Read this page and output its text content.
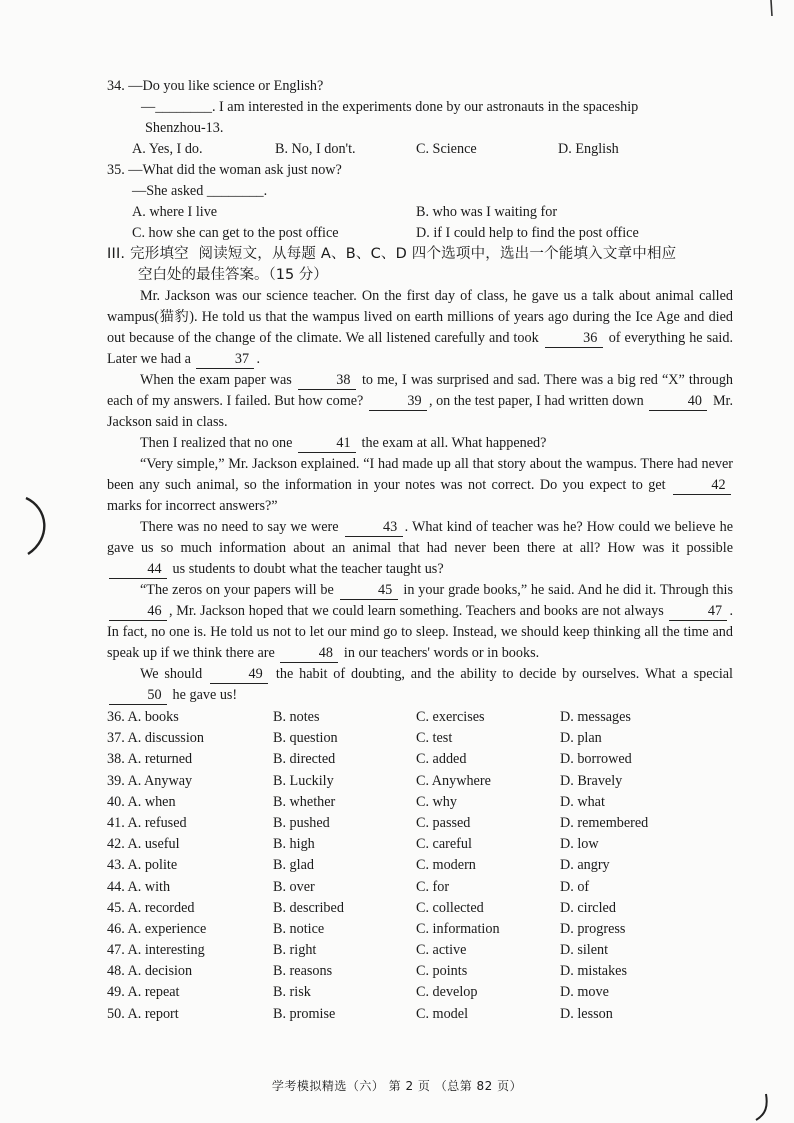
34. —Do you like science or English?
—________. I am interested in the experiments done by our astronauts in the spaceship
Shenzhou-13.
A. Yes, I do.	B. No, I don't.	C. Science	D. English
35. —What did the woman ask just now?
—She asked ________.
A. where I live	B. who was I waiting for
C. how she can get to the post office	D. if I could help to find the post office
III. 完形填空 阅读短文，从每题 A、B、C、D 四个选项中，选出一个能填入文章中相应
空白处的最佳答案。（15 分）
Mr. Jackson was our science teacher. On the first day of class, he gave us a talk about animal called wampus(猫豹). He told us that the wampus lived on earth millions of years ago during the Ice Age and died out because of the change of the climate. We all listened carefully and took	36 of everything he said. Later we had a	37 .
When the exam paper was	38 to me, I was surprised and sad. There was a big red “X” through each of my answers. I failed. But how come?	39 , on the test paper, I had written down	40 Mr. Jackson said in class.
Then I realized that no one	41 the exam at all. What happened?
“Very simple,” Mr. Jackson explained. “I had made up all that story about the wampus. There had never been any such animal, so the information in your notes was not correct. Do you expect to get	42 marks for incorrect answers?”
There was no need to say we were	43 . What kind of teacher was he? How could we believe he gave us so much information about an animal that had never been there at all? How was it possible 44 us students to doubt what the teacher taught us?
“The zeros on your papers will be	45 in your grade books,” he said. And he did it. Through this 46 , Mr. Jackson hoped that we could learn something. Teachers and books are not always	47 . In fact, no one is. He told us not to let our mind go to sleep. Instead, we should keep thinking all the time and speak up if we think there are	48 in our teachers' words or in books.
We should	49 the habit of doubting, and the ability to decide by ourselves. What a special 50 he gave us!
36. A. books	B. notes	C. exercises	D. messages
37. A. discussion	B. question	C. test	D. plan
38. A. returned	B. directed	C. added	D. borrowed
39. A. Anyway	B. Luckily	C. Anywhere	D. Bravely
40. A. when	B. whether	C. why	D. what
41. A. refused	B. pushed	C. passed	D. remembered
42. A. useful	B. high	C. careful	D. low
43. A. polite	B. glad	C. modern	D. angry
44. A. with	B. over	C. for	D. of
45. A. recorded	B. described	C. collected	D. circled
46. A. experience	B. notice	C. information	D. progress
47. A. interesting	B. right	C. active	D. silent
48. A. decision	B. reasons	C. points	D. mistakes
49. A. repeat	B. risk	C. develop	D. move
50. A. report	B. promise	C. model	D. lesson
学考模拟精选（六） 第 2 页 （总第 82 页）
